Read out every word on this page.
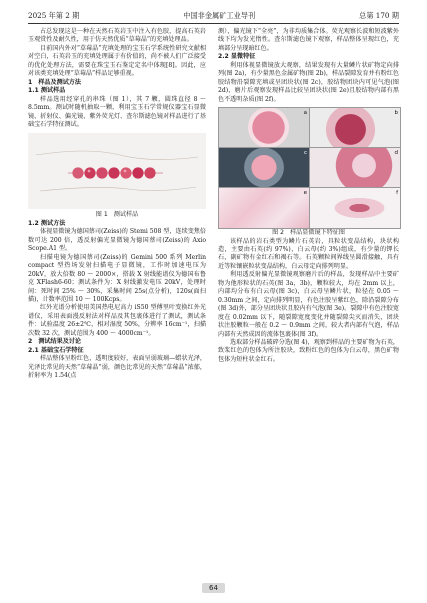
2025 年第 2 期	中国非金属矿工业导刊	总第 170 期

占总发现这是一种在天然石英岩玉中注入有色胶，提高石英岩玉观赏性及耐久性，用于仿天然优质“草莓晶”的充填处理品。

目前国内外对“草莓晶”充填处理的宝玉石学系统性研究文献相对空白，石英岩玉的充填处理属于有价值的，尚不被人们广泛接受的优化处理方法，需要在珠宝玉石鉴定定名中体现[8]。因此，应对该类充填处理“草莓晶”样品足够重视。

1　样品及测试方法

1.1 测试样品

样品选用经穿孔的串珠（图 1），其 7 颗，圆珠直径 8 ～ 8.5mm。测试时随机抽取一颗，利用宝玉石学常规仪器宝石显微镜、折射仪、偏光镜、紫外荧光灯、查尔斯滤色镜对样品进行了基础宝石学特征测试。

图 1　测试样品

1.2 测试方法

体视显微镜为德国蔡司(Zeiss)的 Stemi 508 型，连续变焦倍数可达 200 倍，透反射偏光显微镜为德国蔡司(Zeiss)的 Axio Scope.A1 型。

扫描电镜为德国蔡司(Zeiss)的 Gemini 500 系列 Merlin compact 型热场发射扫描电子显微镜，工作时加速电压为 20kV，放大倍数 80 ～ 2000×，搭载 X 射线能谱仪为德国布鲁克 XFlash6-60；测试条件为：X 射线激发电压 20kV，处理时间：死时间 25% ～ 30%，采集时间 25s(点分析)，120s(面扫描)，计数率范围 10 ～ 100Kcps。

红外光谱分析使用美国热电尼高力 iS50 型傅里叶变换红外光谱仪，采用表面漫反射法对样品及其包裹体进行了测试，测试条件：试验温度 26±2℃，相对湿度 50%，分辨率 16cm⁻¹，扫描次数 32 次，测试范围为 400 ～ 4000cm⁻¹。

2　测试结果及讨论

2.1 基础宝石学特征

样品整体呈粉红色，透明度较好，表面呈弱玻璃—蜡状光泽，光泽比常见的天然“草莓晶”弱，颜色比常见的天然“草莓晶”浓郁，折射率为 1.54(点

测），偏光镜下“全亮”，为非均质集合体。荧光观察长波和短波紫外线下均为发光惰性。查尔斯滤色镜下观察，样品整体呈现红色，充填部分呈现暗红色。

2.2 显微特征

利用体视显微镜放大观察，结果发现有大量鳞片状矿物定向排列(图 2a)，有少量黑色金属矿物(图 2b)，样品裂隙发育并有粉红色胶结物沿裂隙充填或呈团块状(图 2c)，胶结物团块内可见气泡(图 2d)，磨片后观察发现样品比较呈团块状(图 2e)且胶结物内部有黑色不透明杂质(图 2f)。

a	b
c	d
e	f

图 2　样品显微镜下特征图

该样品的岩石类型为鳞片石英岩，具粒状变晶结构，块状构造，主要由石英(约 97%)，白云母(约 3%)组成，有少量的钾长石，副矿物有金红石和褐石等。石英颗粒间界线呈圆滑接触，具有近等粒镶嵌粒状变晶结构，白云母定向排列明显。

利用透反射偏光显微镜观察磨片后的样品，发现样品中主要矿物为他形粒状的石英(图 3a，3b)，颗粒较大，均在 2mm 以上，内部均分布有白云母(图 3c)，白云母呈鳞片状，粒径在 0.05 ～ 0.30mm 之间，定向排列明显，有色注胶呈紫红色，除沿裂隙分布(图 3d)外，部分呈团块状且胶内有气泡(图 3e)。裂隙中有色注胶宽度在 0.02mm 以下，随裂隙宽度变化并随裂隙尖灭而消失，团块状注胶颗粒一般在 0.2 ～ 0.9mm 之间，较大者内部有气泡，样品内部有天然成因的流体包裹体(图 3f)。

选取部分样品破碎分选(图 4)，观察到样品的主要矿物为石英，致浆红色的包体为所注胶块，致粉红色的包体为白云母，黑色矿物包体为短柱状金红石。

64
